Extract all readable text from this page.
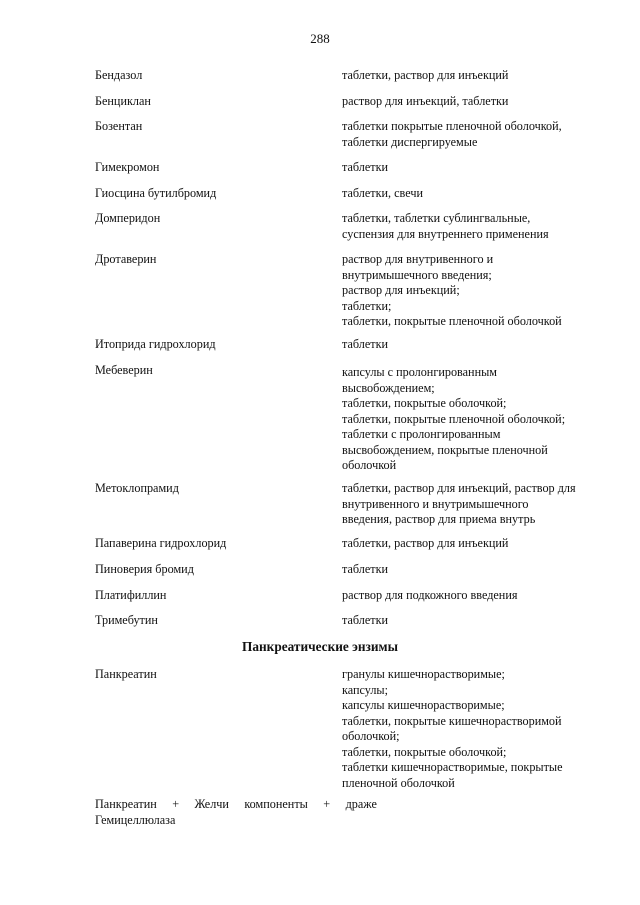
288
Бендазол	таблетки, раствор для инъекций
Бенциклан	раствор для инъекций, таблетки
Бозентан	таблетки покрытые пленочной оболочкой,
таблетки диспергируемые
Гимекромон	таблетки
Гиосцина бутилбромид	таблетки, свечи
Домперидон	таблетки, таблетки сублингвальные,
суспензия для внутреннего применения
Дротаверин	раствор для внутривенного и
внутримышечного введения;
раствор для инъекций;
таблетки;
таблетки, покрытые пленочной оболочкой
Итоприда гидрохлорид	таблетки
Мебеверин	капсулы с пролонгированным
высвобождением;
таблетки, покрытые оболочкой;
таблетки, покрытые пленочной оболочкой;
таблетки с пролонгированным
высвобождением, покрытые пленочной
оболочкой
Метоклопрамид	таблетки, раствор для инъекций, раствор для
внутривенного и внутримышечного
введения, раствор для приема внутрь
Папаверина гидрохлорид	таблетки, раствор для инъекций
Пиноверия бромид	таблетки
Платифиллин	раствор для подкожного введения
Тримебутин	таблетки
Панкреатические энзимы
Панкреатин	гранулы кишечнорастворимые;
капсулы;
капсулы кишечнорастворимые;
таблетки, покрытые кишечнорастворимой
оболочкой;
таблетки, покрытые оболочкой;
таблетки кишечнорастворимые, покрытые
пленочной оболочкой
Панкреатин + Желчи компоненты + драже
Гемицеллюлаза
